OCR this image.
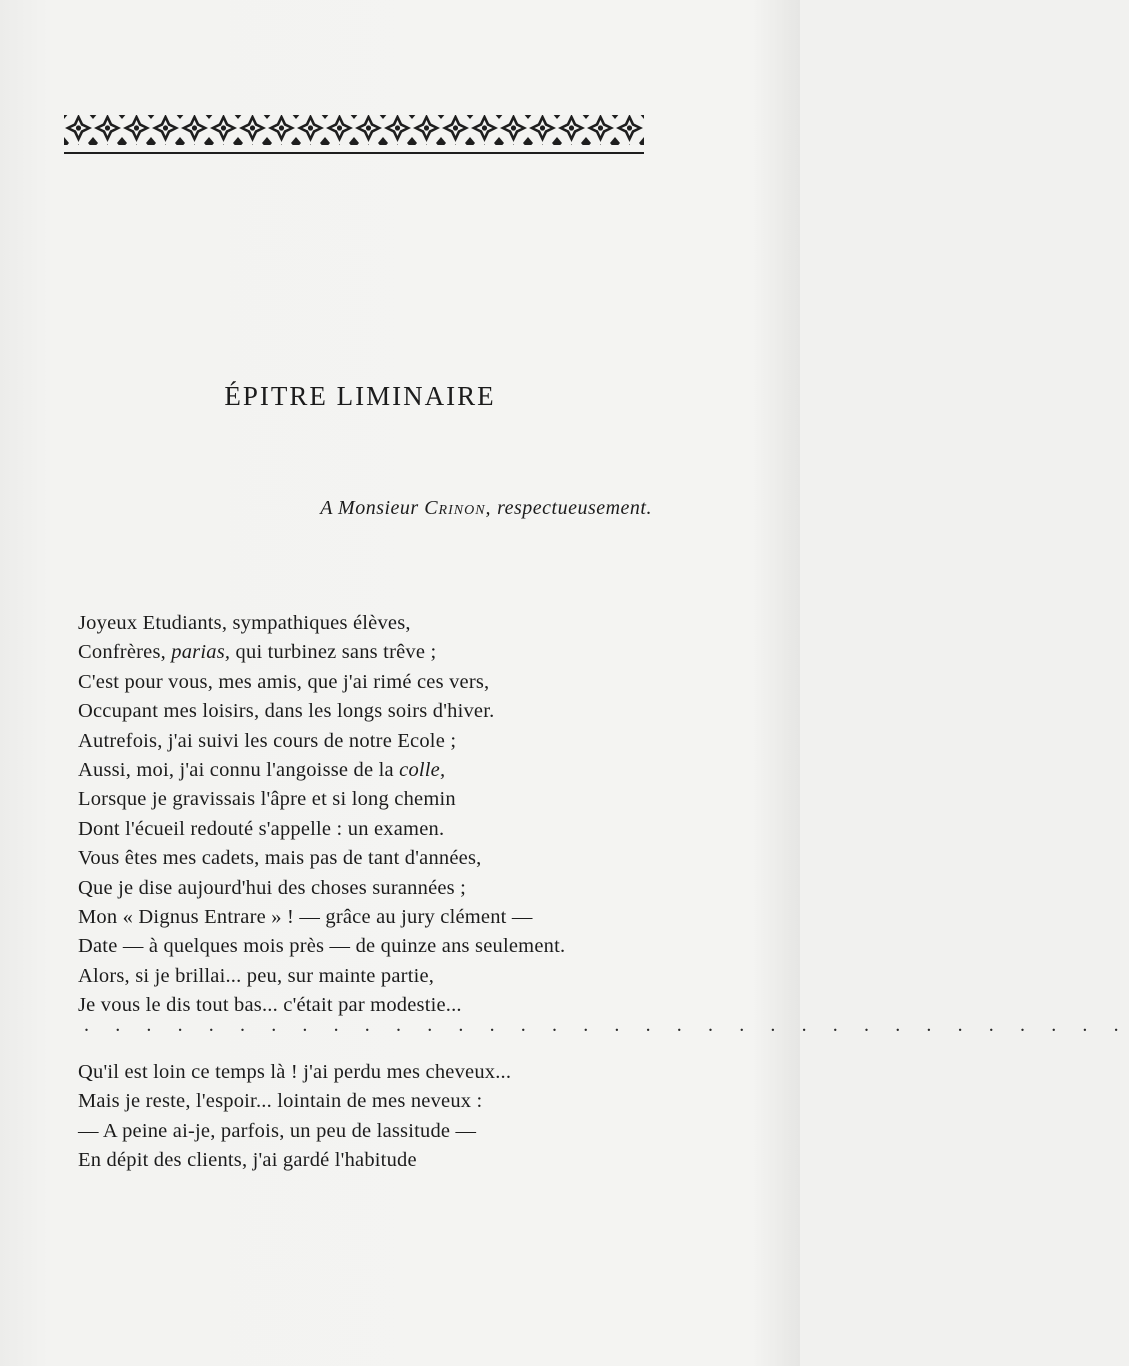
ÉPITRE LIMINAIRE
A Monsieur Crinon, respectueusement.
Joyeux Etudiants, sympathiques élèves,
Confrères, parias, qui turbinez sans trêve ;
C'est pour vous, mes amis, que j'ai rimé ces vers,
Occupant mes loisirs, dans les longs soirs d'hiver.
Autrefois, j'ai suivi les cours de notre Ecole ;
Aussi, moi, j'ai connu l'angoisse de la colle,
Lorsque je gravissais l'âpre et si long chemin
Dont l'écueil redouté s'appelle : un examen.
Vous êtes mes cadets, mais pas de tant d'années,
Que je dise aujourd'hui des choses surannées ;
Mon « Dignus Entrare » ! — grâce au jury clément —
Date — à quelques mois près — de quinze ans seulement.
Alors, si je brillai... peu, sur mainte partie,
Je vous le dis tout bas... c'était par modestie...
. . . . . . . . . . . . . . . . . . . . . . . . . . . . . . . . . .
Qu'il est loin ce temps là ! j'ai perdu mes cheveux...
Mais je reste, l'espoir... lointain de mes neveux :
— A peine ai-je, parfois, un peu de lassitude —
En dépit des clients, j'ai gardé l'habitude
